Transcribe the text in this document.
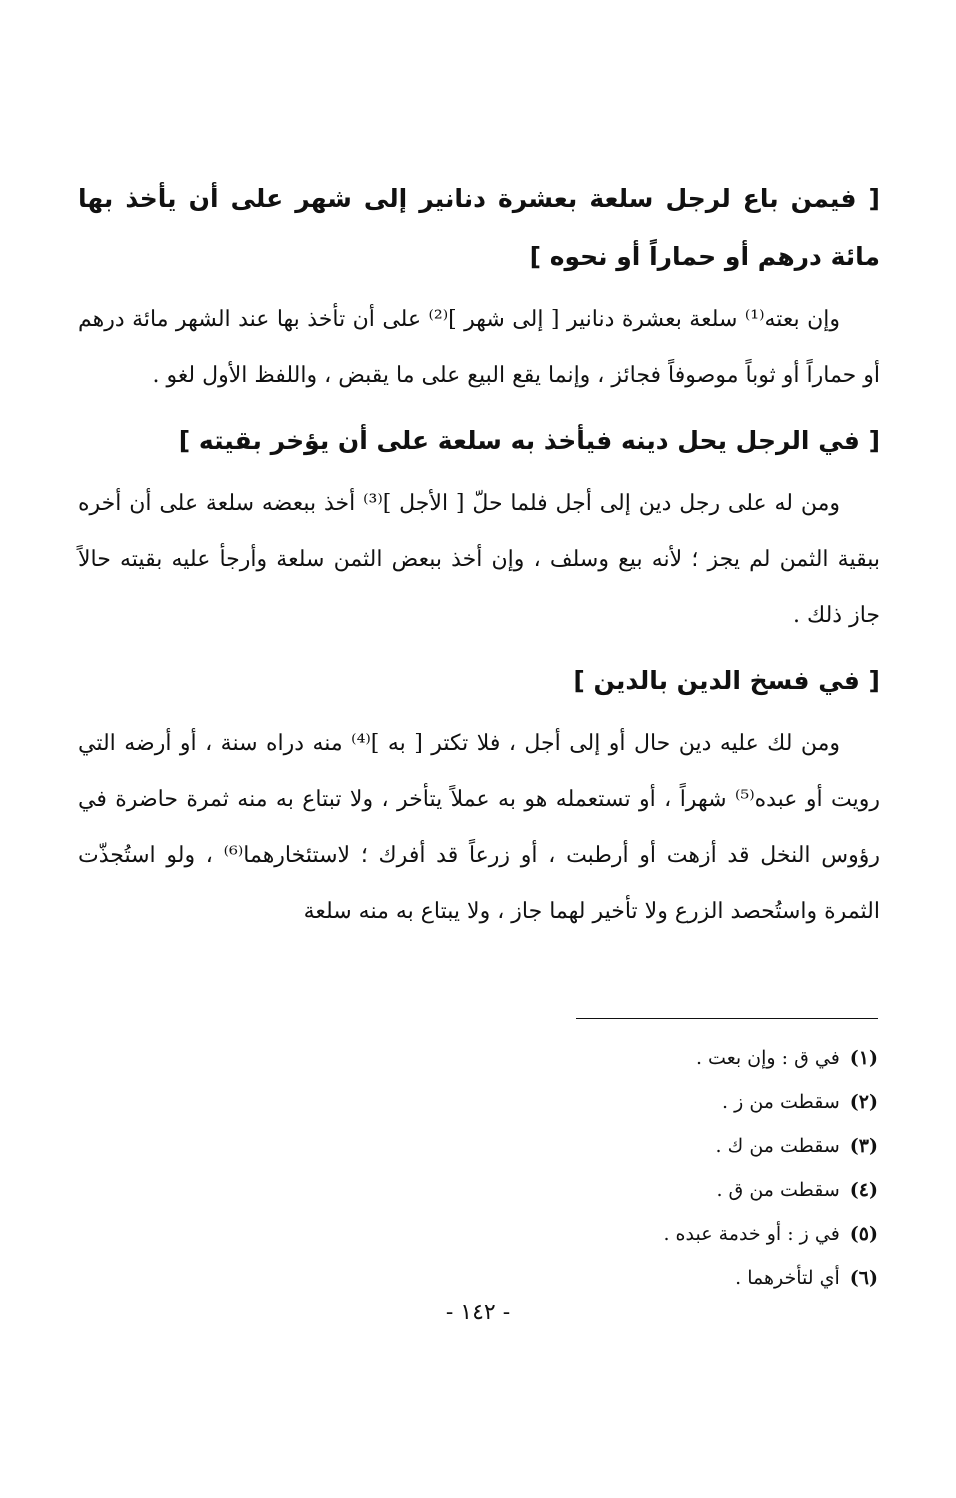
[ فيمن باع لرجل سلعة بعشرة دنانير إلى شهر على أن يأخذ بها مائة درهم أو حماراً أو نحوه ]

وإن بعته⁽¹⁾ سلعة بعشرة دنانير [ إلى شهر ]⁽²⁾ على أن تأخذ بها عند الشهر مائة درهم أو حماراً أو ثوباً موصوفاً فجائز ، وإنما يقع البيع على ما يقبض ، واللفظ الأول لغو .

[ في الرجل يحل دينه فيأخذ به سلعة على أن يؤخر بقيته ]

ومن له على رجل دين إلى أجل فلما حلّ [ الأجل ]⁽³⁾ أخذ ببعضه سلعة على أن أخره ببقية الثمن لم يجز ؛ لأنه بيع وسلف ، وإن أخذ ببعض الثمن سلعة وأرجأ عليه بقيته حالاً جاز ذلك .

[ في فسخ الدين بالدين ]

ومن لك عليه دين حال أو إلى أجل ، فلا تكتر [ به ]⁽⁴⁾ منه دراه سنة ، أو أرضه التي رويت أو عبده⁽⁵⁾ شهراً ، أو تستعمله هو به عملاً يتأخر ، ولا تبتاع به منه ثمرة حاضرة في رؤوس النخل قد أزهت أو أرطبت ، أو زرعاً قد أفرك ؛ لاستئخارهما⁽⁶⁾ ، ولو استُجذّت الثمرة واستُحصد الزرع ولا تأخير لهما جاز ، ولا يبتاع به منه سلعة

(١)في ق : وإن بعت .
(٢)سقطت من ز .
(٣)سقطت من ك .
(٤)سقطت من ق .
(٥)في ز : أو خدمة عبده .
(٦)أي لتأخرهما .
- ١٤٢ -
